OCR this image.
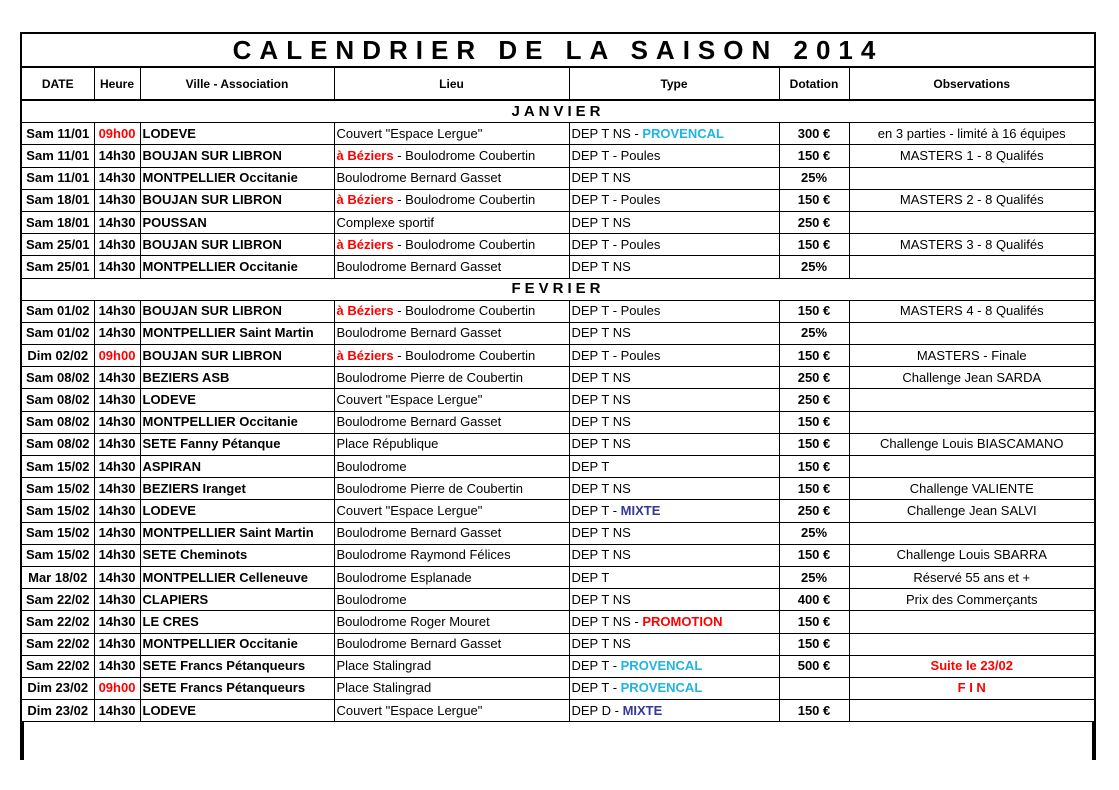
CALENDRIER DE LA SAISON 2014
DATE	Heure	Ville - Association	Lieu	Type	Dotation	Observations
JANVIER						
Sam 11/01	09h00	LODEVE	Couvert "Espace Lergue"	DEP T NS - PROVENCAL	300 €	en 3 parties - limité à 16 équipes
Sam 11/01	14h30	BOUJAN SUR LIBRON	à Béziers - Boulodrome Coubertin	DEP T - Poules	150 €	MASTERS 1 - 8 Qualifés
Sam 11/01	14h30	MONTPELLIER Occitanie	Boulodrome Bernard Gasset	DEP T NS	25%	
Sam 18/01	14h30	BOUJAN SUR LIBRON	à Béziers - Boulodrome Coubertin	DEP T - Poules	150 €	MASTERS 2 - 8 Qualifés
Sam 18/01	14h30	POUSSAN	Complexe sportif	DEP T NS	250 €	
Sam 25/01	14h30	BOUJAN SUR LIBRON	à Béziers - Boulodrome Coubertin	DEP T - Poules	150 €	MASTERS 3 - 8 Qualifés
Sam 25/01	14h30	MONTPELLIER Occitanie	Boulodrome Bernard Gasset	DEP T NS	25%	
FEVRIER						
Sam 01/02	14h30	BOUJAN SUR LIBRON	à Béziers - Boulodrome Coubertin	DEP T - Poules	150 €	MASTERS 4 - 8 Qualifés
Sam 01/02	14h30	MONTPELLIER Saint Martin	Boulodrome Bernard Gasset	DEP T NS	25%	
Dim 02/02	09h00	BOUJAN SUR LIBRON	à Béziers - Boulodrome Coubertin	DEP T - Poules	150 €	MASTERS - Finale
Sam 08/02	14h30	BEZIERS ASB	Boulodrome Pierre de Coubertin	DEP T NS	250 €	Challenge Jean SARDA
Sam 08/02	14h30	LODEVE	Couvert "Espace Lergue"	DEP T NS	250 €	
Sam 08/02	14h30	MONTPELLIER Occitanie	Boulodrome Bernard Gasset	DEP T NS	150 €	
Sam 08/02	14h30	SETE Fanny Pétanque	Place République	DEP T NS	150 €	Challenge Louis BIASCAMANO
Sam 15/02	14h30	ASPIRAN	Boulodrome	DEP T	150 €	
Sam 15/02	14h30	BEZIERS Iranget	Boulodrome Pierre de Coubertin	DEP T NS	150 €	Challenge VALIENTE
Sam 15/02	14h30	LODEVE	Couvert "Espace Lergue"	DEP T - MIXTE	250 €	Challenge Jean SALVI
Sam 15/02	14h30	MONTPELLIER Saint Martin	Boulodrome Bernard Gasset	DEP T NS	25%	
Sam 15/02	14h30	SETE Cheminots	Boulodrome Raymond Félices	DEP T NS	150 €	Challenge Louis SBARRA
Mar 18/02	14h30	MONTPELLIER Celleneuve	Boulodrome Esplanade	DEP T	25%	Réservé 55 ans et +
Sam 22/02	14h30	CLAPIERS	Boulodrome	DEP T NS	400 €	Prix des Commerçants
Sam 22/02	14h30	LE CRES	Boulodrome Roger Mouret	DEP T NS - PROMOTION	150 €	
Sam 22/02	14h30	MONTPELLIER Occitanie	Boulodrome Bernard Gasset	DEP T NS	150 €	
Sam 22/02	14h30	SETE Francs Pétanqueurs	Place Stalingrad	DEP T - PROVENCAL	500 €	Suite le 23/02
Dim 23/02	09h00	SETE Francs Pétanqueurs	Place Stalingrad	DEP T - PROVENCAL		F I N
Dim 23/02	14h30	LODEVE	Couvert "Espace Lergue"	DEP D - MIXTE	150 €	
